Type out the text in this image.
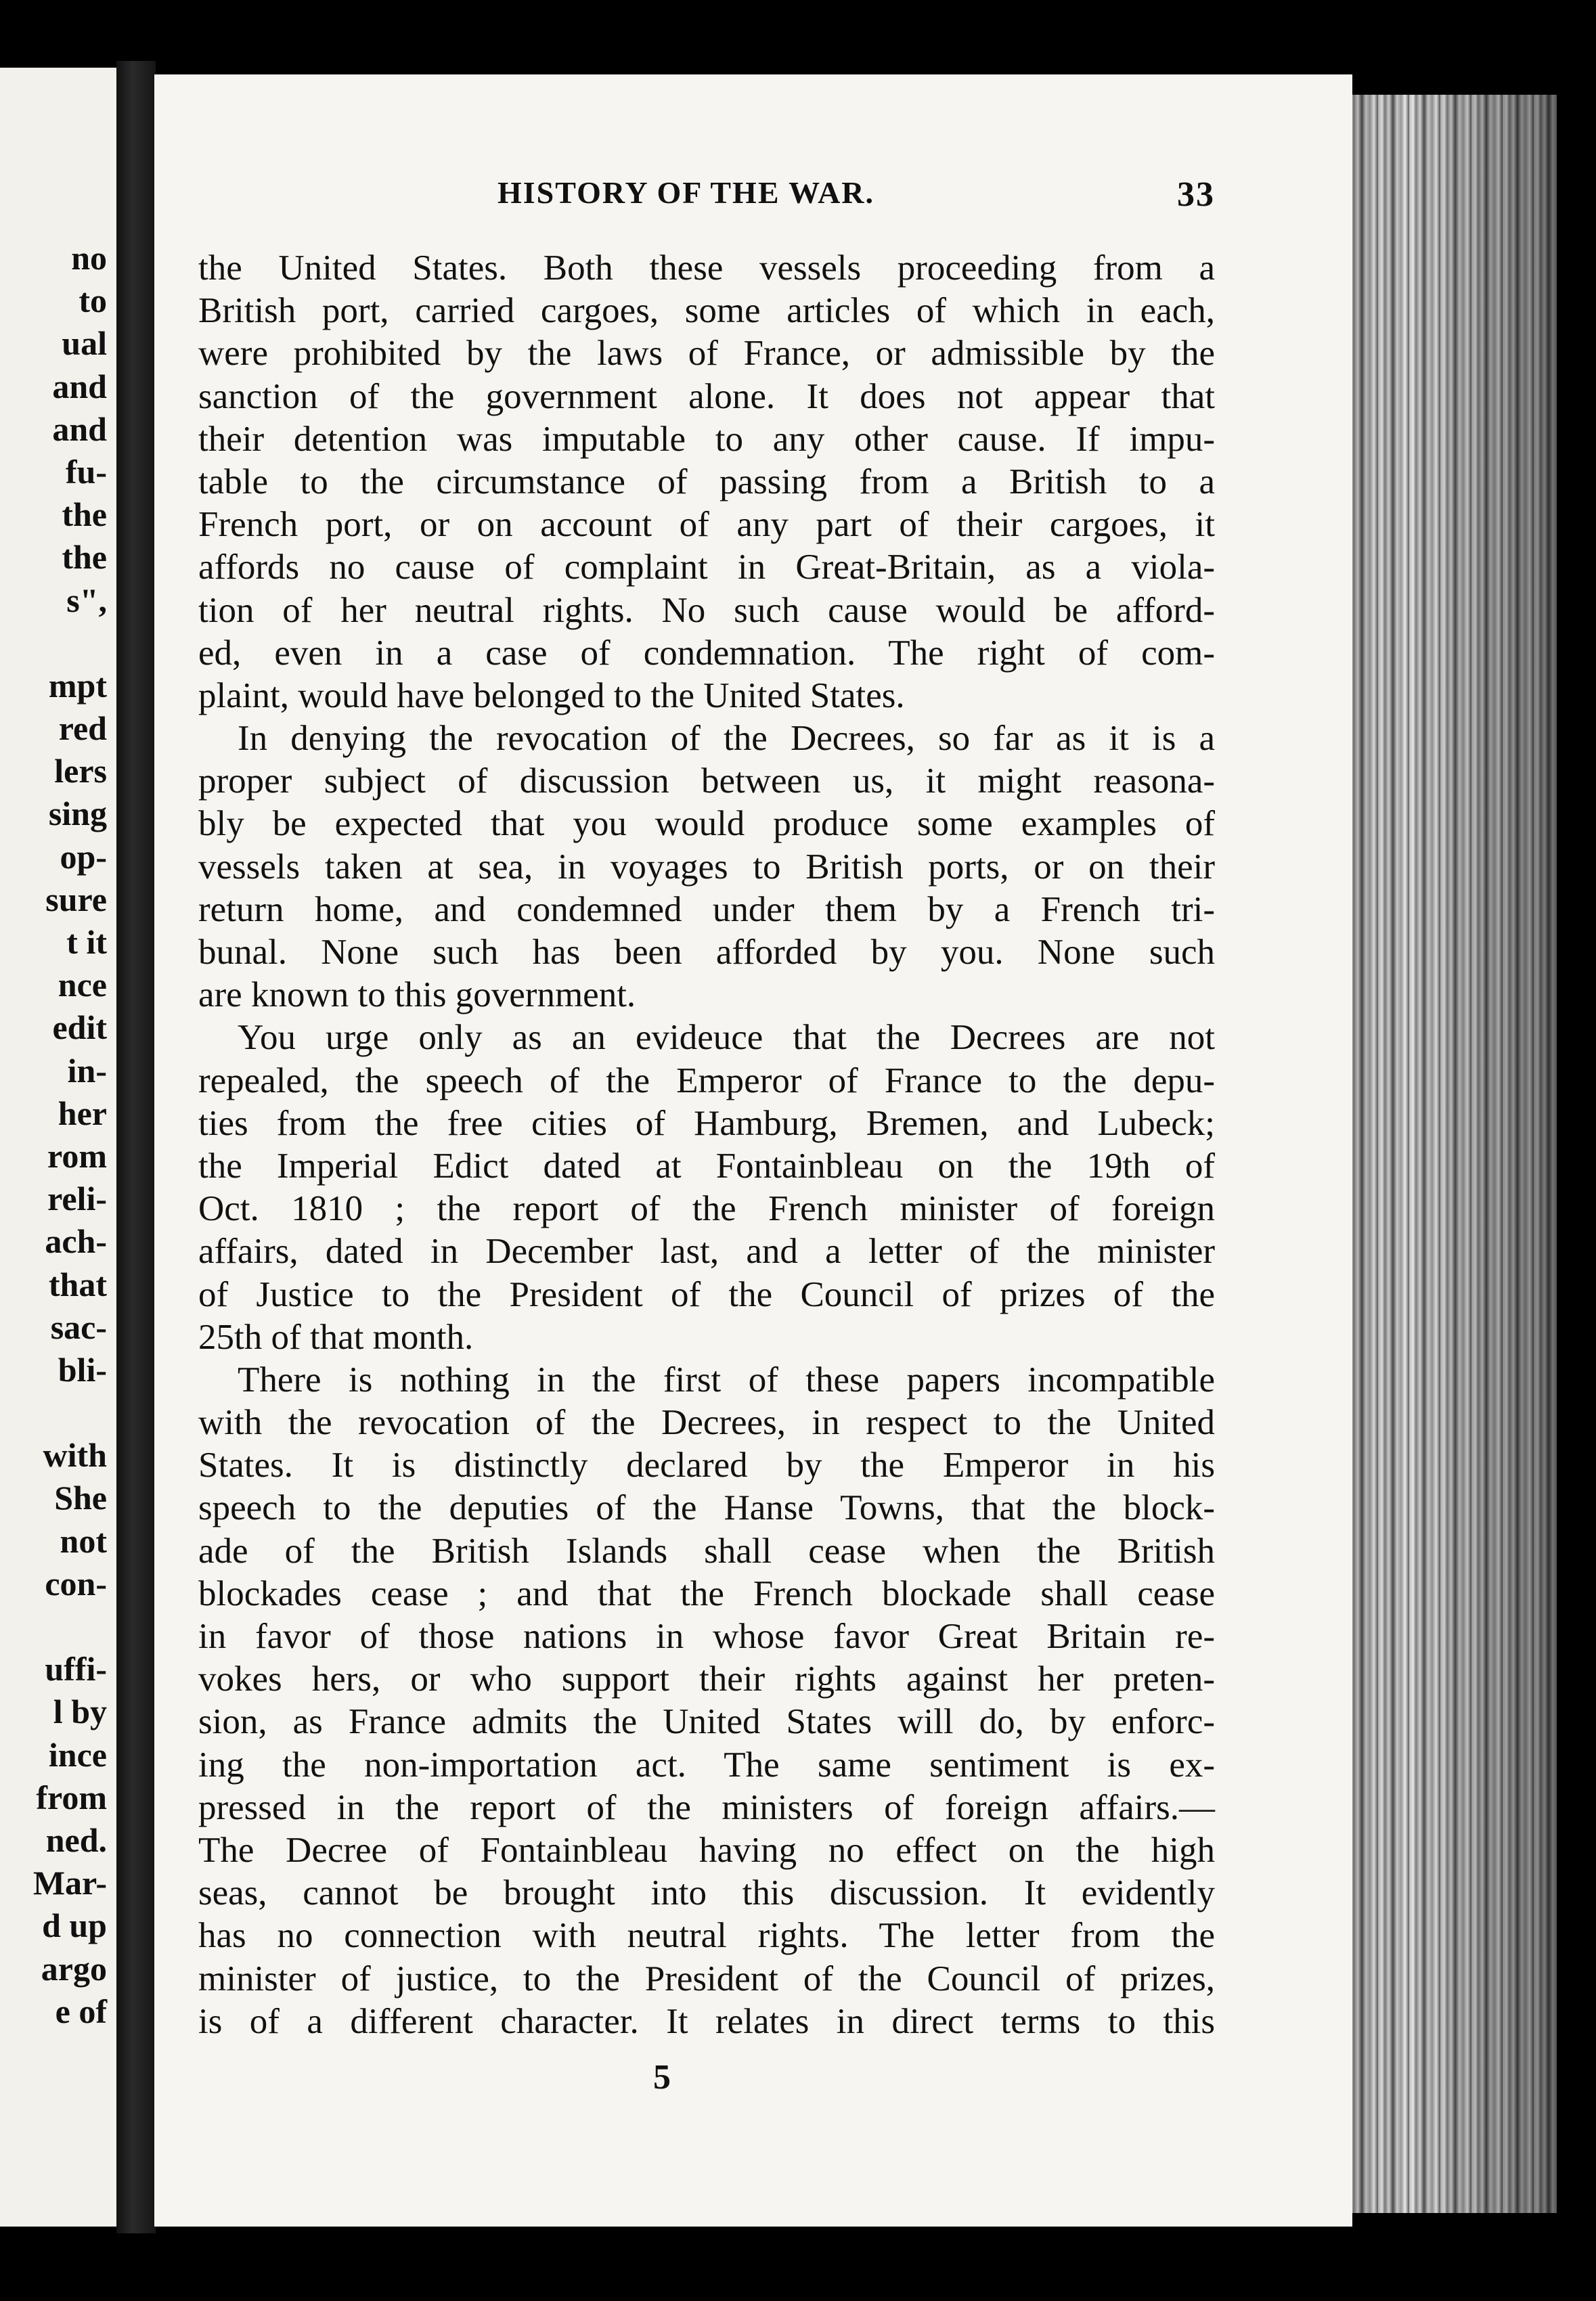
no
to
ual
and
and
fu-
the
the
s",
mpt
red
lers
sing
op-
sure
t it
nce
edit
in-
her
rom
reli-
ach-
that
sac-
bli-
with
She
not
con-
uffi-
l by
ince
from
ned.
Mar-
d up
argo
e of
HISTORY OF THE WAR.	33
the United States. Both these vessels proceeding from a
British port, carried cargoes, some articles of which in each,
were prohibited by the laws of France, or admissible by the
sanction of the government alone. It does not appear that
their detention was imputable to any other cause. If impu-
table to the circumstance of passing from a British to a
French port, or on account of any part of their cargoes, it
affords no cause of complaint in Great-Britain, as a viola-
tion of her neutral rights. No such cause would be afford-
ed, even in a case of condemnation. The right of com-
plaint, would have belonged to the United States.
In denying the revocation of the Decrees, so far as it is a
proper subject of discussion between us, it might reasona-
bly be expected that you would produce some examples of
vessels taken at sea, in voyages to British ports, or on their
return home, and condemned under them by a French tri-
bunal. None such has been afforded by you. None such
are known to this government.
You urge only as an evideuce that the Decrees are not
repealed, the speech of the Emperor of France to the depu-
ties from the free cities of Hamburg, Bremen, and Lubeck;
the Imperial Edict dated at Fontainbleau on the 19th of
Oct. 1810 ; the report of the French minister of foreign
affairs, dated in December last, and a letter of the minister
of Justice to the President of the Council of prizes of the
25th of that month.
There is nothing in the first of these papers incompatible
with the revocation of the Decrees, in respect to the United
States. It is distinctly declared by the Emperor in his
speech to the deputies of the Hanse Towns, that the block-
ade of the British Islands shall cease when the British
blockades cease ; and that the French blockade shall cease
in favor of those nations in whose favor Great Britain re-
vokes hers, or who support their rights against her preten-
sion, as France admits the United States will do, by enforc-
ing the non-importation act. The same sentiment is ex-
pressed in the report of the ministers of foreign affairs.—
The Decree of Fontainbleau having no effect on the high
seas, cannot be brought into this discussion. It evidently
has no connection with neutral rights. The letter from the
minister of justice, to the President of the Council of prizes,
is of a different character. It relates in direct terms to this
5
